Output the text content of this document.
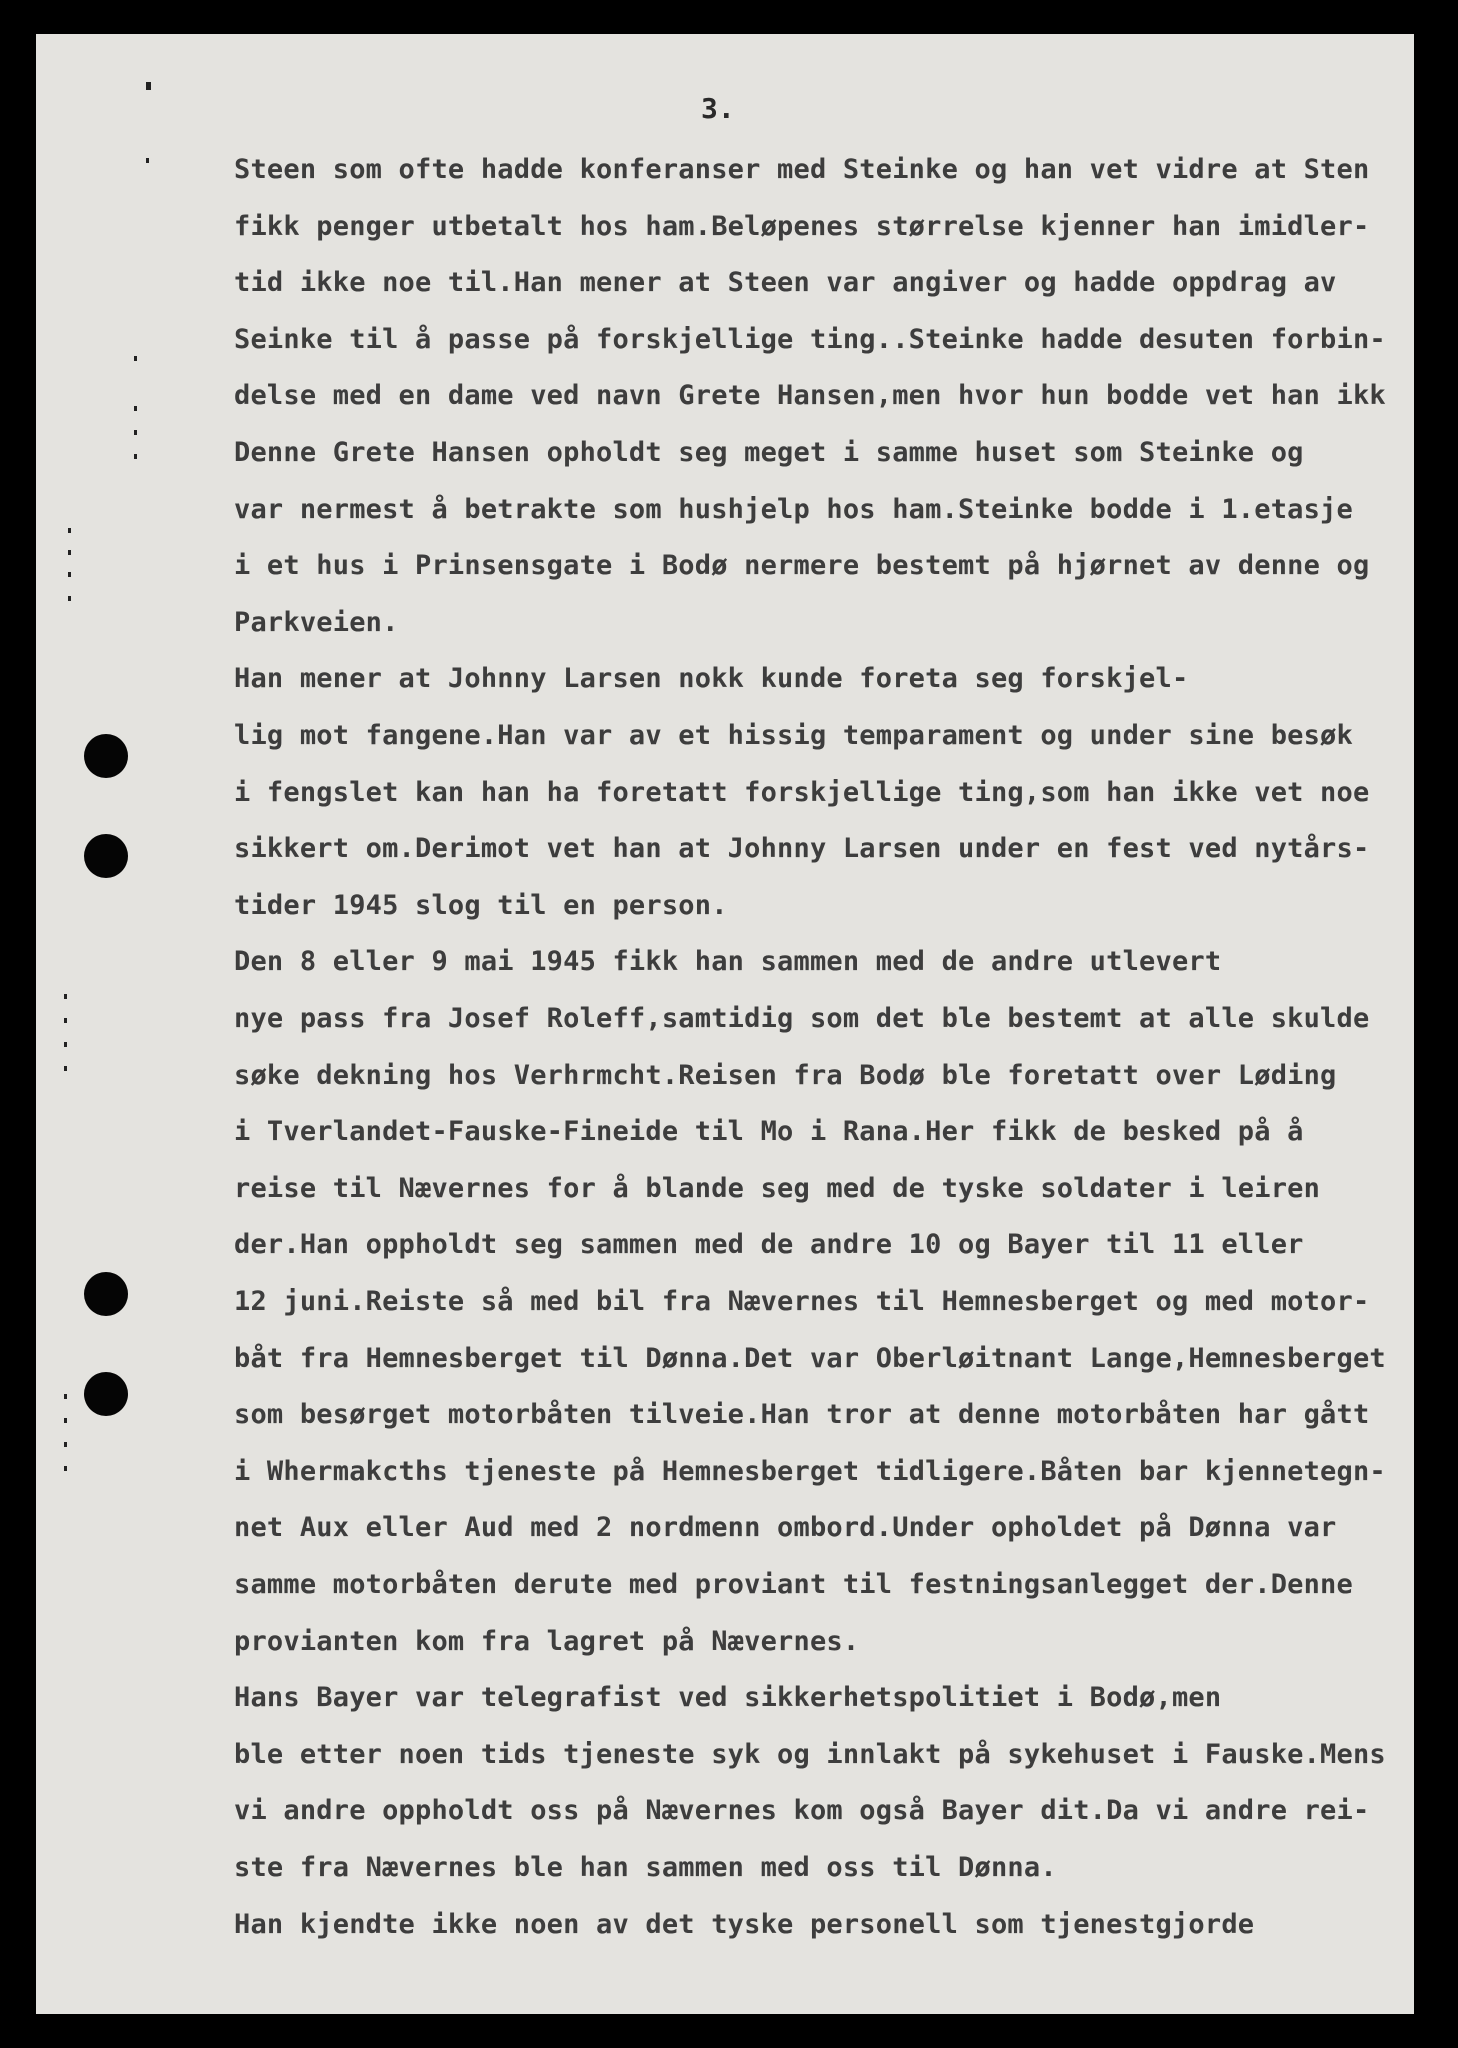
3.
Steen som ofte hadde konferanser med Steinke og han vet vidre at Sten
fikk penger utbetalt hos ham.Beløpenes størrelse kjenner han imidler-
tid ikke noe til.Han mener at Steen var angiver og hadde oppdrag av
Seinke til å passe på forskjellige ting..Steinke hadde desuten forbin-
delse med en dame ved navn Grete Hansen,men hvor hun bodde vet han ikk
Denne Grete Hansen opholdt seg meget i samme huset som Steinke og
var nermest å betrakte som hushjelp hos ham.Steinke bodde i 1.etasje
i et hus i Prinsensgate i Bodø nermere bestemt på hjørnet av denne og
Parkveien.
Han mener at Johnny Larsen nokk kunde foreta seg forskjel-
lig mot fangene.Han var av et hissig temparament og under sine besøk
i fengslet kan han ha foretatt forskjellige ting,som han ikke vet noe
sikkert om.Derimot vet han at Johnny Larsen under en fest ved nytårs-
tider 1945 slog til en person.
Den 8 eller 9 mai 1945 fikk han sammen med de andre utlevert
nye pass fra Josef Roleff,samtidig som det ble bestemt at alle skulde
søke dekning hos Verhrmcht.Reisen fra Bodø ble foretatt over Løding
i Tverlandet-Fauske-Fineide til Mo i Rana.Her fikk de besked på å
reise til Nævernes for å blande seg med de tyske soldater i leiren
der.Han oppholdt seg sammen med de andre 10 og Bayer til 11 eller
12 juni.Reiste så med bil fra Nævernes til Hemnesberget og med motor-
båt fra Hemnesberget til Dønna.Det var Oberløitnant Lange,Hemnesberget
som besørget motorbåten tilveie.Han tror at denne motorbåten har gått
i Whermakcths tjeneste på Hemnesberget tidligere.Båten bar kjennetegn-
net Aux eller Aud med 2 nordmenn ombord.Under opholdet på Dønna var
samme motorbåten derute med proviant til festningsanlegget der.Denne
provianten kom fra lagret på Nævernes.
Hans Bayer var telegrafist ved sikkerhetspolitiet i Bodø,men
ble etter noen tids tjeneste syk og innlakt på sykehuset i Fauske.Mens
vi andre oppholdt oss på Nævernes kom også Bayer dit.Da vi andre rei-
ste fra Nævernes ble han sammen med oss til Dønna.
Han kjendte ikke noen av det tyske personell som tjenestgjorde
